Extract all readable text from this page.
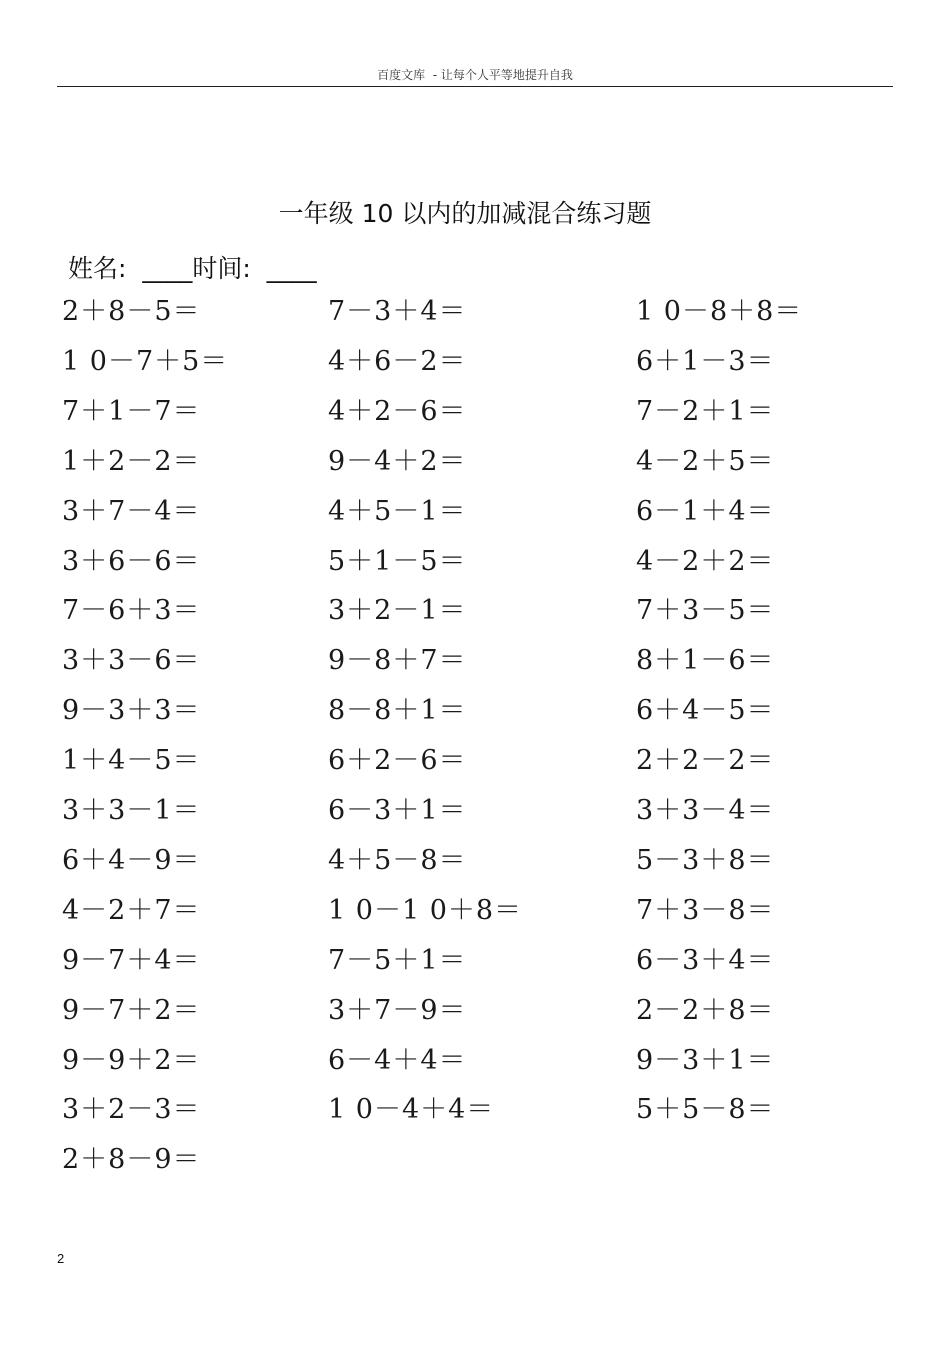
百度文库  - 让每个人平等地提升自我
一年级 10 以内的加减混合练习题
姓名:  ____时间:  ____
2＋8－5＝
1 0－7＋5＝
7＋1－7＝
1＋2－2＝
3＋7－4＝
3＋6－6＝
7－6＋3＝
3＋3－6＝
9－3＋3＝
1＋4－5＝
3＋3－1＝
6＋4－9＝
4－2＋7＝
9－7＋4＝
9－7＋2＝
9－9＋2＝
3＋2－3＝
2＋8－9＝
7－3＋4＝
4＋6－2＝
4＋2－6＝
9－4＋2＝
4＋5－1＝
5＋1－5＝
3＋2－1＝
9－8＋7＝
8－8＋1＝
6＋2－6＝
6－3＋1＝
4＋5－8＝
1 0－1 0＋8＝
7－5＋1＝
3＋7－9＝
6－4＋4＝
1 0－4＋4＝
1 0－8＋8＝
6＋1－3＝
7－2＋1＝
4－2＋5＝
6－1＋4＝
4－2＋2＝
7＋3－5＝
8＋1－6＝
6＋4－5＝
2＋2－2＝
3＋3－4＝
5－3＋8＝
7＋3－8＝
6－3＋4＝
2－2＋8＝
9－3＋1＝
5＋5－8＝
2
